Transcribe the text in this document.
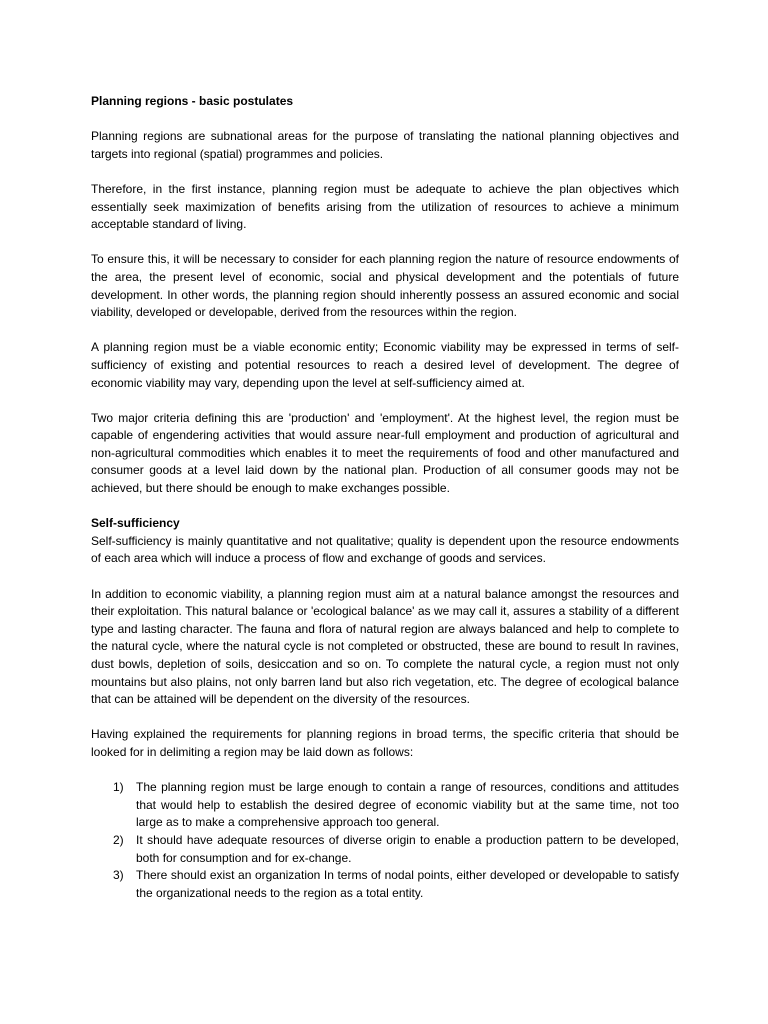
Planning regions - basic postulates

Planning regions are subnational areas for the purpose of translating the national planning objectives and targets into regional (spatial) programmes and policies.

Therefore, in the first instance, planning region must be adequate to achieve the plan objectives which essentially seek maximization of benefits arising from the utilization of resources to achieve a minimum acceptable standard of living.

To ensure this, it will be necessary to consider for each planning region the nature of resource endowments of the area, the present level of economic, social and physical development and the potentials of future development. In other words, the planning region should inherently possess an assured economic and social viability, developed or developable, derived from the resources within the region.

A planning region must be a viable economic entity; Economic viability may be expressed in terms of self-sufficiency of existing and potential resources to reach a desired level of development. The degree of economic viability may vary, depending upon the level at self-sufficiency aimed at.

Two major criteria defining this are 'production' and 'employment'. At the highest level, the region must be capable of engendering activities that would assure near-full employment and production of agricultural and non-agricultural commodities which enables it to meet the requirements of food and other manufactured and consumer goods at a level laid down by the national plan. Production of all consumer goods may not be achieved, but there should be enough to make exchanges possible.

Self-sufficiency

Self-sufficiency is mainly quantitative and not qualitative; quality is dependent upon the resource endowments of each area which will induce a process of flow and exchange of goods and services.

In addition to economic viability, a planning region must aim at a natural balance amongst the resources and their exploitation. This natural balance or 'ecological balance' as we may call it, assures a stability of a different type and lasting character. The fauna and flora of natural region are always balanced and help to complete to the natural cycle, where the natural cycle is not completed or obstructed, these are bound to result In ravines, dust bowls, depletion of soils, desiccation and so on. To complete the natural cycle, a region must not only mountains but also plains, not only barren land but also rich vegetation, etc. The degree of ecological balance that can be attained will be dependent on the diversity of the resources.

Having explained the requirements for planning regions in broad terms, the specific criteria that should be looked for in delimiting a region may be laid down as follows:

1) The planning region must be large enough to contain a range of resources, conditions and attitudes that would help to establish the desired degree of economic viability but at the same time, not too large as to make a comprehensive approach too general.
2) It should have adequate resources of diverse origin to enable a production pattern to be developed, both for consumption and for ex-change.
3) There should exist an organization In terms of nodal points, either developed or developable to satisfy the organizational needs to the region as a total entity.
